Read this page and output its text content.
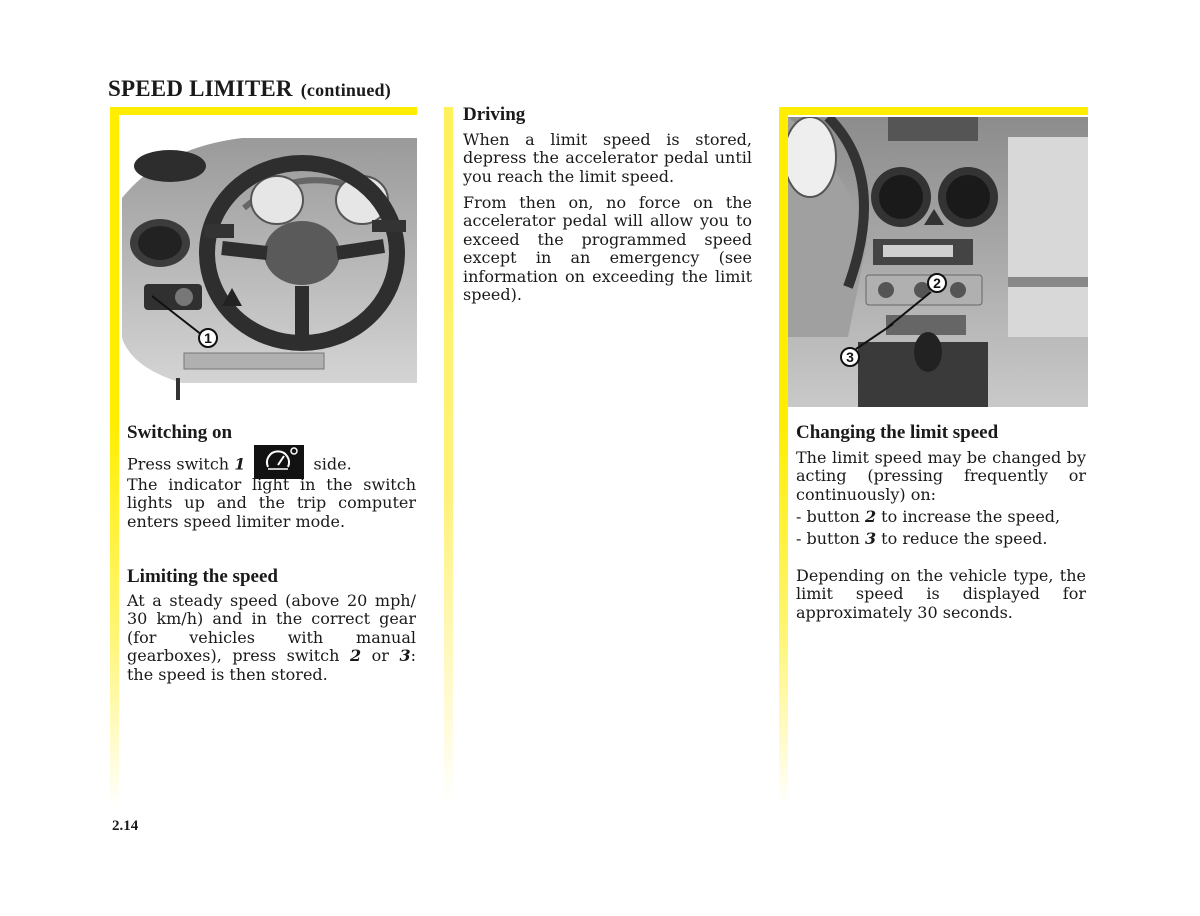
SPEED LIMITER (continued)
1
2
3
Switching on
Press switch 1	side.

The indicator light in the switch lights up and the trip computer enters speed limiter mode.

Limiting the speed

At a steady speed (above 20 mph/ 30 km/h) and in the correct gear (for vehicles with manual gearboxes), press switch 2 or 3: the speed is then stored.

Driving

When a limit speed is stored, depress the accelerator pedal until you reach the limit speed.

From then on, no force on the accelerator pedal will allow you to exceed the programmed speed except in an emergency (see information on exceeding the limit speed).

Changing the limit speed

The limit speed may be changed by acting (pressing frequently or continuously) on:

- button 2 to increase the speed,
- button 3 to reduce the speed.

Depending on the vehicle type, the limit speed is displayed for approximately 30 seconds.

2.14
